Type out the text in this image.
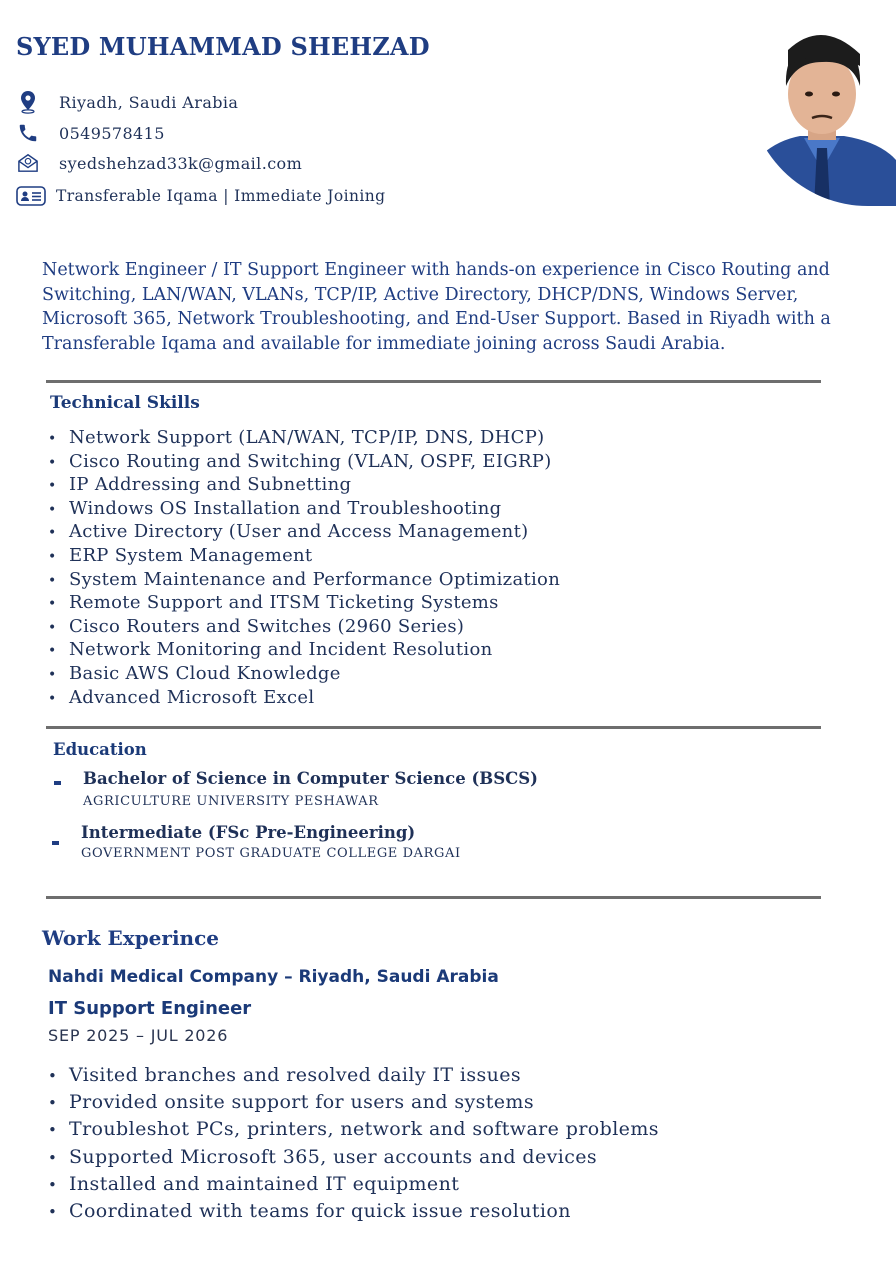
SYED MUHAMMAD SHEHZAD
Riyadh, Saudi Arabia
0549578415
syedshehzad33k@gmail.com
Transferable Iqama | Immediate Joining

Network Engineer / IT Support Engineer with hands-on experience in Cisco Routing and Switching, LAN/WAN, VLANs, TCP/IP, Active Directory, DHCP/DNS, Windows Server, Microsoft 365, Network Troubleshooting, and End-User Support. Based in Riyadh with a Transferable Iqama and available for immediate joining across Saudi Arabia.

Technical Skills
• Network Support (LAN/WAN, TCP/IP, DNS, DHCP)
• Cisco Routing and Switching (VLAN, OSPF, EIGRP)
• IP Addressing and Subnetting
• Windows OS Installation and Troubleshooting
• Active Directory (User and Access Management)
• ERP System Management
• System Maintenance and Performance Optimization
• Remote Support and ITSM Ticketing Systems
• Cisco Routers and Switches (2960 Series)
• Network Monitoring and Incident Resolution
• Basic AWS Cloud Knowledge
• Advanced Microsoft Excel
Education
Bachelor of Science in Computer Science (BSCS)
AGRICULTURE UNIVERSITY PESHAWAR
Intermediate (FSc Pre-Engineering)
GOVERNMENT POST GRADUATE COLLEGE DARGAI
Work Experince
Nahdi Medical Company – Riyadh, Saudi Arabia
IT Support Engineer
SEP 2025 – JUL 2026
• Visited branches and resolved daily IT issues
• Provided onsite support for users and systems
• Troubleshot PCs, printers, network and software problems
• Supported Microsoft 365, user accounts and devices
• Installed and maintained IT equipment
• Coordinated with teams for quick issue resolution
